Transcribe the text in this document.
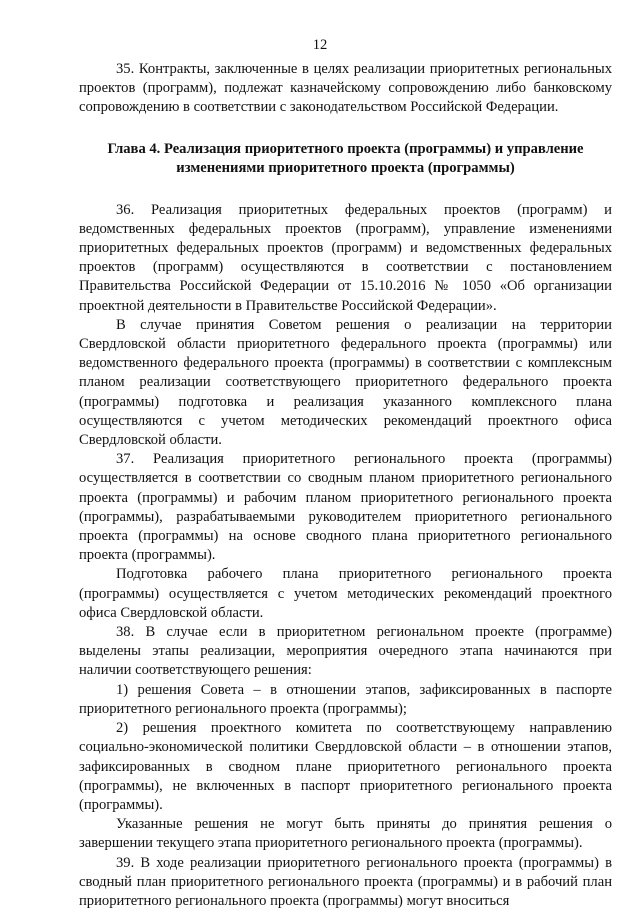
12

35. Контракты, заключенные в целях реализации приоритетных региональных проектов (программ), подлежат казначейскому сопровождению либо банковскому сопровождению в соответствии с законодательством Российской Федерации.

Глава 4. Реализация приоритетного проекта (программы) и управление изменениями приоритетного проекта (программы)

36. Реализация приоритетных федеральных проектов (программ) и ведомственных федеральных проектов (программ), управление изменениями приоритетных федеральных проектов (программ) и ведомственных федеральных проектов (программ) осуществляются в соответствии с постановлением Правительства Российской Федерации от 15.10.2016 № 1050 «Об организации проектной деятельности в Правительстве Российской Федерации».

В случае принятия Советом решения о реализации на территории Свердловской области приоритетного федерального проекта (программы) или ведомственного федерального проекта (программы) в соответствии с комплексным планом реализации соответствующего приоритетного федерального проекта (программы) подготовка и реализация указанного комплексного плана осуществляются с учетом методических рекомендаций проектного офиса Свердловской области.

37. Реализация приоритетного регионального проекта (программы) осуществляется в соответствии со сводным планом приоритетного регионального проекта (программы) и рабочим планом приоритетного регионального проекта (программы), разрабатываемыми руководителем приоритетного регионального проекта (программы) на основе сводного плана приоритетного регионального проекта (программы).

Подготовка рабочего плана приоритетного регионального проекта (программы) осуществляется с учетом методических рекомендаций проектного офиса Свердловской области.

38. В случае если в приоритетном региональном проекте (программе) выделены этапы реализации, мероприятия очередного этапа начинаются при наличии соответствующего решения:

1) решения Совета – в отношении этапов, зафиксированных в паспорте приоритетного регионального проекта (программы);

2) решения проектного комитета по соответствующему направлению социально-экономической политики Свердловской области – в отношении этапов, зафиксированных в сводном плане приоритетного регионального проекта (программы), не включенных в паспорт приоритетного регионального проекта (программы).

Указанные решения не могут быть приняты до принятия решения о завершении текущего этапа приоритетного регионального проекта (программы).

39. В ходе реализации приоритетного регионального проекта (программы) в сводный план приоритетного регионального проекта (программы) и в рабочий план приоритетного регионального проекта (программы) могут вноситься
